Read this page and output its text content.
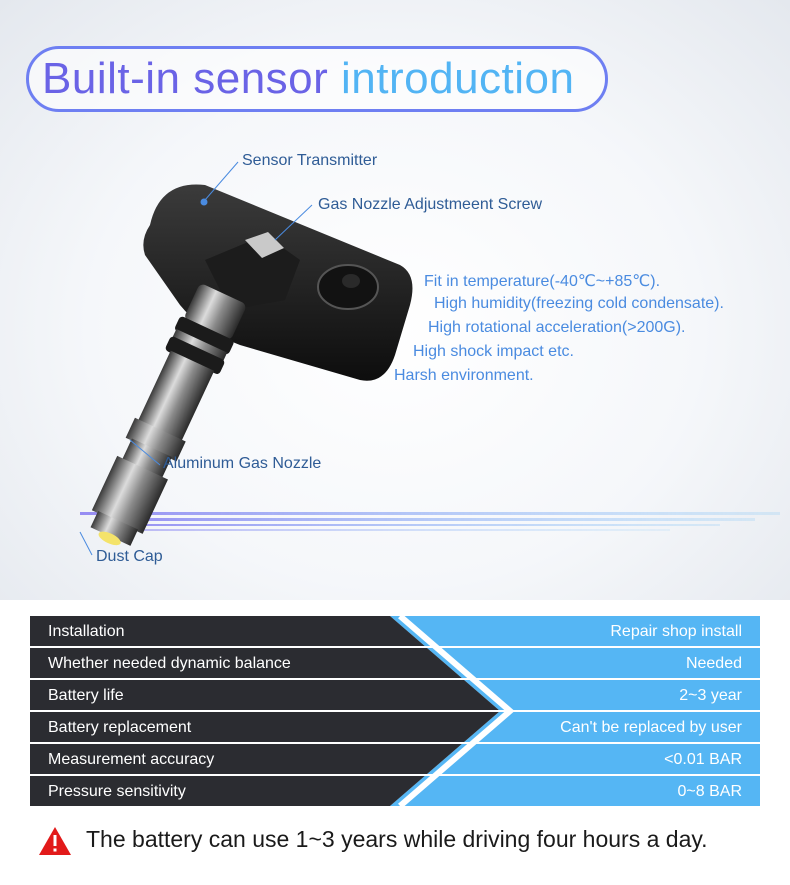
Built-in sensor introduction
Sensor Transmitter
Gas Nozzle Adjustmeent Screw
Aluminum Gas Nozzle
Dust Cap
Fit in temperature(-40℃~+85℃).
High humidity(freezing cold condensate).
High rotational acceleration(>200G).
High shock impact etc.
Harsh environment.
Installation	Repair shop install
Whether needed dynamic balance	Needed
Battery life	2~3 year
Battery replacement	Can't be replaced by user
Measurement accuracy	<0.01 BAR
Pressure sensitivity	0~8 BAR
The battery can use 1~3 years while driving four hours a day.
